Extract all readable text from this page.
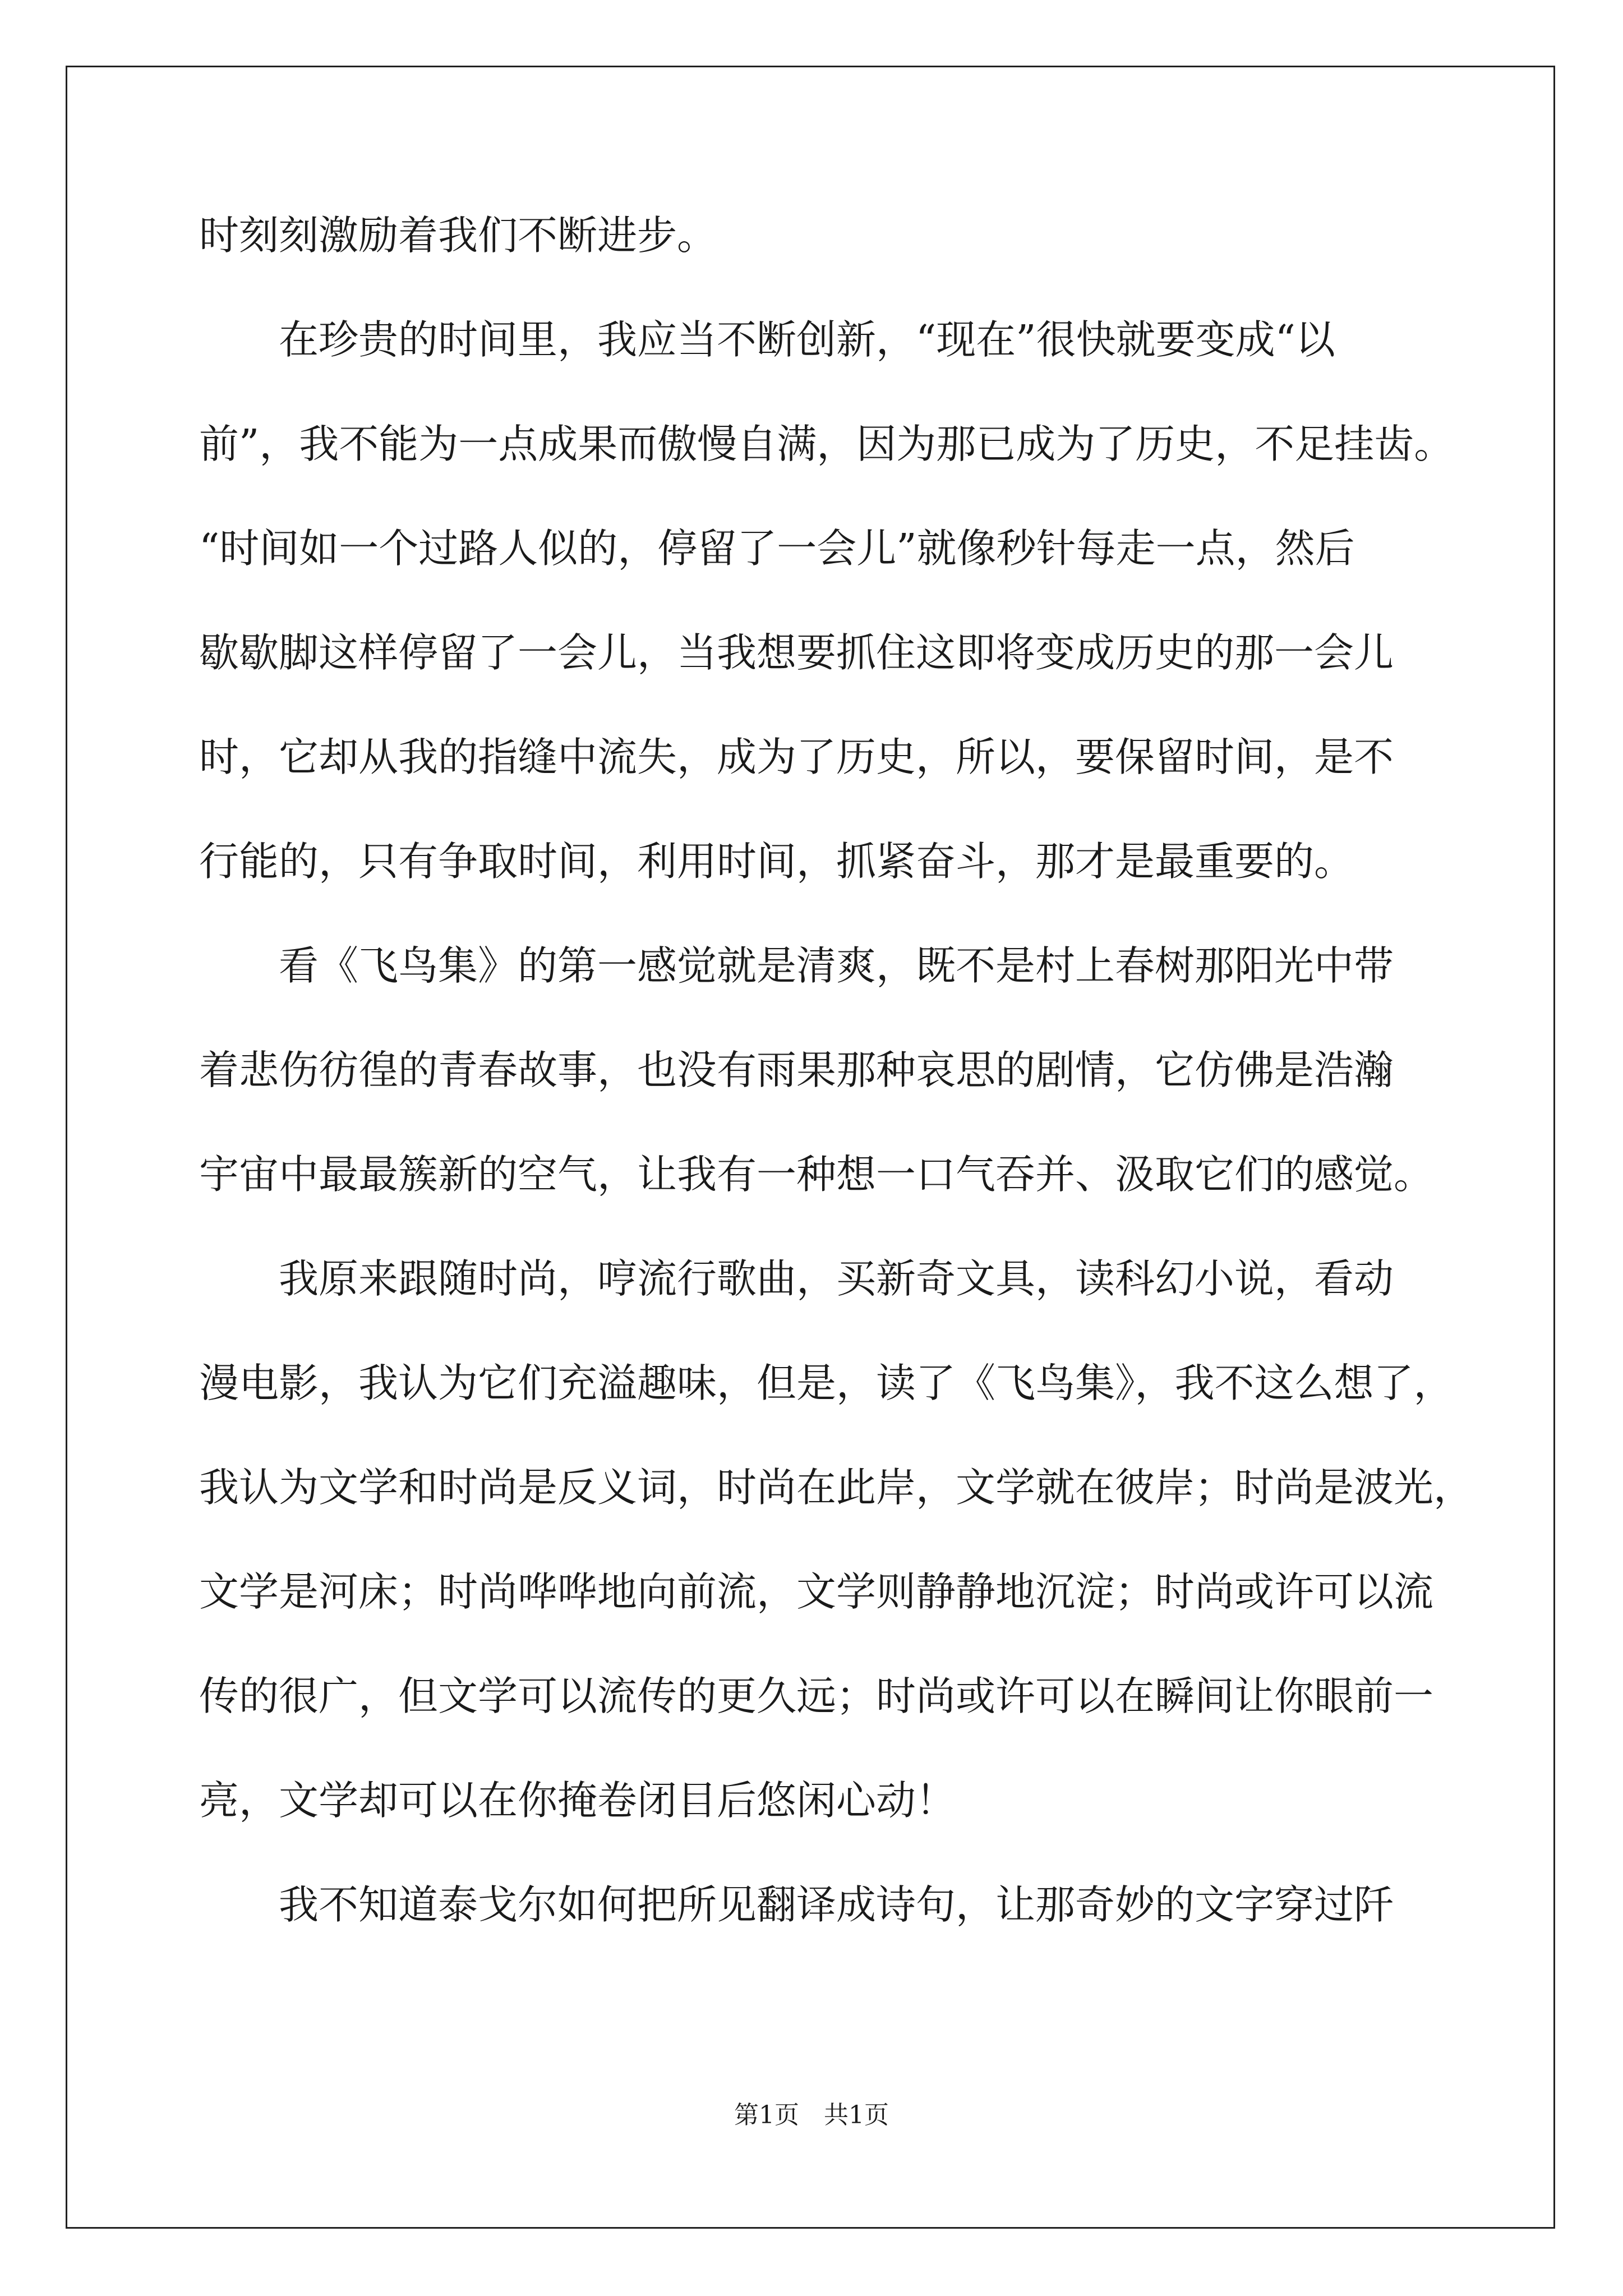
时刻刻激励着我们不断进步。
在珍贵的时间里，我应当不断创新，“现在”很快就要变成“以
前”，我不能为一点成果而傲慢自满，因为那已成为了历史，不足挂齿。
“时间如一个过路人似的，停留了一会儿”就像秒针每走一点，然后
歇歇脚这样停留了一会儿，当我想要抓住这即将变成历史的那一会儿
时，它却从我的指缝中流失，成为了历史，所以，要保留时间，是不
行能的，只有争取时间，利用时间，抓紧奋斗，那才是最重要的。
看《飞鸟集》的第一感觉就是清爽，既不是村上春树那阳光中带
着悲伤彷徨的青春故事，也没有雨果那种哀思的剧情，它仿佛是浩瀚
宇宙中最最簇新的空气，让我有一种想一口气吞并、汲取它们的感觉。
我原来跟随时尚，哼流行歌曲，买新奇文具，读科幻小说，看动
漫电影，我认为它们充溢趣味，但是，读了《飞鸟集》，我不这么想了，
我认为文学和时尚是反义词，时尚在此岸，文学就在彼岸；时尚是波光，
文学是河床；时尚哗哗地向前流，文学则静静地沉淀；时尚或许可以流
传的很广，但文学可以流传的更久远；时尚或许可以在瞬间让你眼前一
亮，文学却可以在你掩卷闭目后悠闲心动！
我不知道泰戈尔如何把所见翻译成诗句，让那奇妙的文字穿过阡
第1页 共1页
